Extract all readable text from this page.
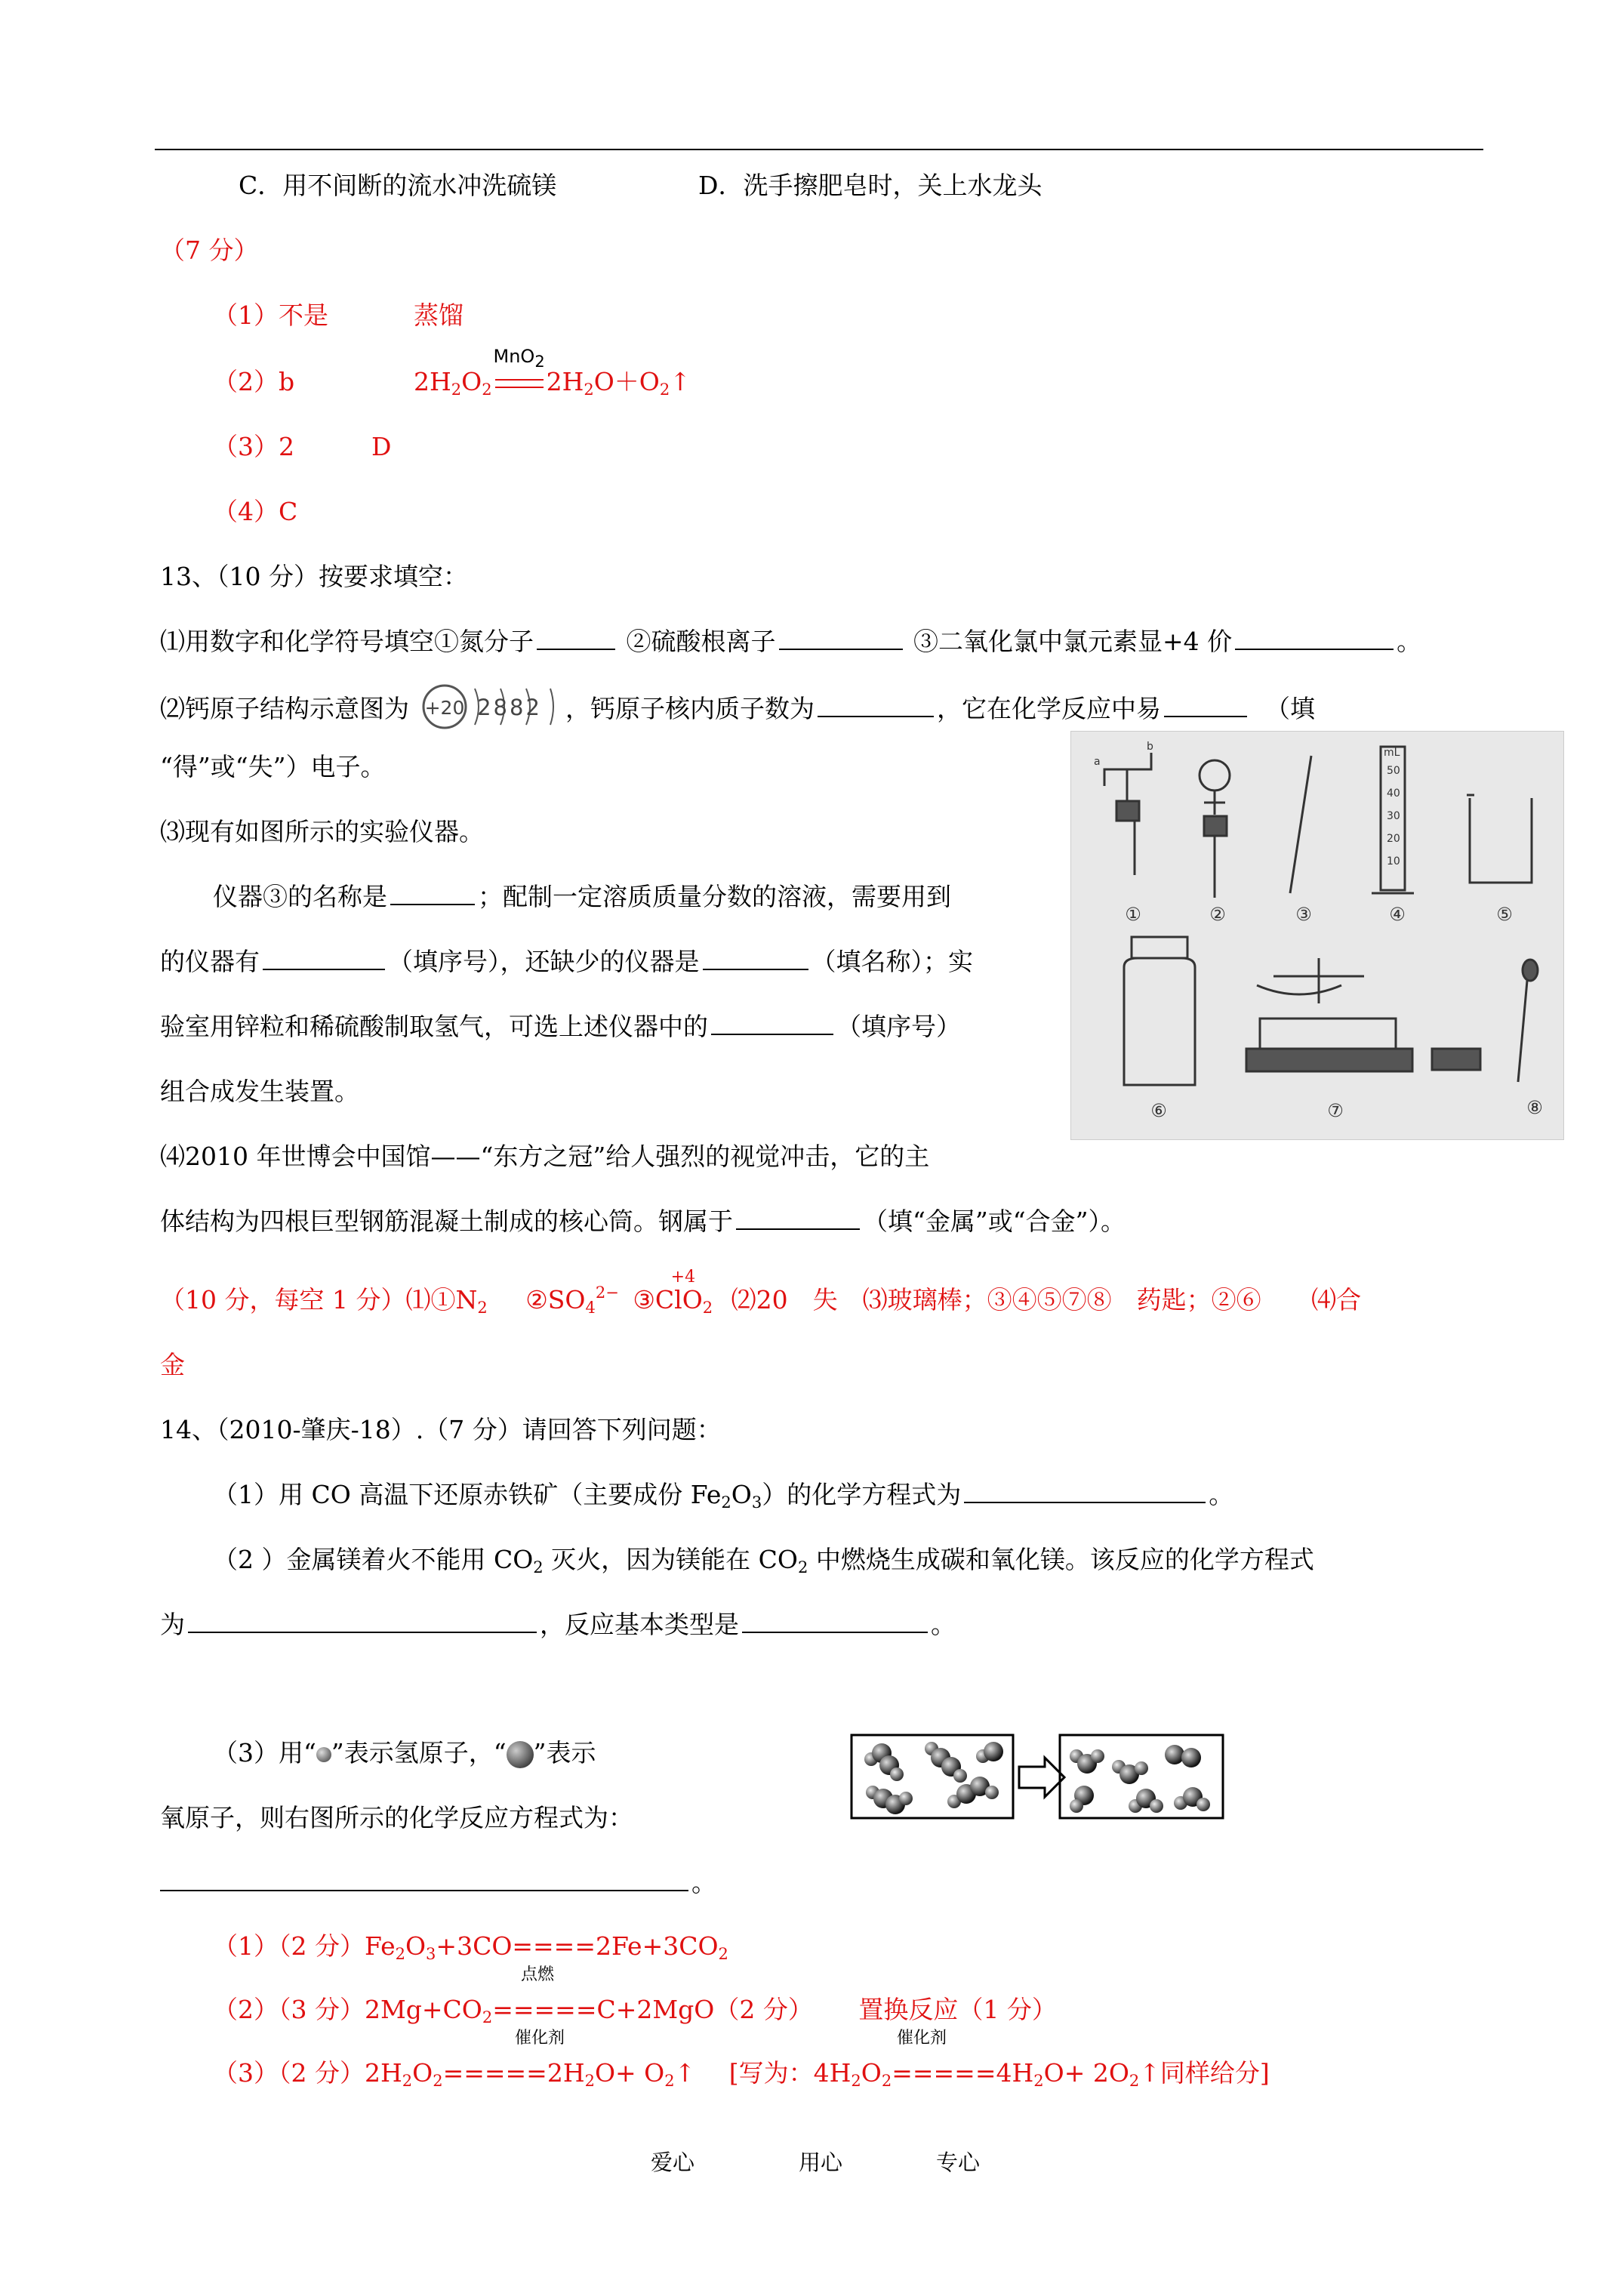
C．用不间断的流水冲洗硫镁	D．洗手擦肥皂时，关上水龙头
（7 分）
（1）不是	蒸馏
（2）b	$2H_2O_2$
MnO$_2$
$2H_2O+O_2↑$
（3）2	D
（4）C
13、（10 分）按要求填空：
⑴用数字和化学符号填空①氮分子	②硫酸根离子	③二氧化氯中氯元素显+4 价	。
⑵钙原子结构示意图为 +20 2882 ，钙原子核内质子数为	，它在化学反应中易	（填
“得”或“失”）电子。
⑶现有如图所示的实验仪器。
仪器③的名称是	；配制一定溶质质量分数的溶液，需要用到
的仪器有	（填序号），还缺少的仪器是	（填名称）；实
验室用锌粒和稀硫酸制取氢气，可选上述仪器中的	（填序号）
组合成发生装置。
⑷2010 年世博会中国馆——“东方之冠”给人强烈的视觉冲击，它的主
体结构为四根巨型钢筋混凝土制成的核心筒。钢属于	（填“金属”或“合金”）。
a
b	mL
50
40
30
20
10
①	②	③	④	⑤
⑥	⑦	⑧
（10 分，每空 1 分）$⑴①N_2$ $②SO_4^{2-}$
+4
③ClO$_2$ ⑵20　失　⑶玻璃棒；③④⑤⑦⑧　药匙；②⑥ ⑷合
金
14、（2010-肇庆-18）.（7 分）请回答下列问题：
（1）用 CO 高温下还原赤铁矿（主要成份 $Fe_2O_3$）的化学方程式为	。
（2 ）金属镁着火不能用 $CO_2$ 灭火，因为镁能在 $CO_2$ 中燃烧生成碳和氧化镁。该反应的化学方程式
为	，反应基本类型是	。
（3）用“ ”表示氢原子，“ ”表示
氧原子，则右图所示的化学反应方程式为：
。
（1）（2 分）$Fe_2O_3+3CO====2Fe+3CO_2$
点燃
（2）（3 分）$2Mg+CO_2=====C+2MgO(2$ 分） 置换反应（1 分）
催化剂	催化剂
（3）（2 分）$2H_2O_2=====2H_2O+$ $O_2↑$ [写为：$4H_2O_2=====4H_2O+$ $2O_2↑$同样给分]
爱心	用心	专心
